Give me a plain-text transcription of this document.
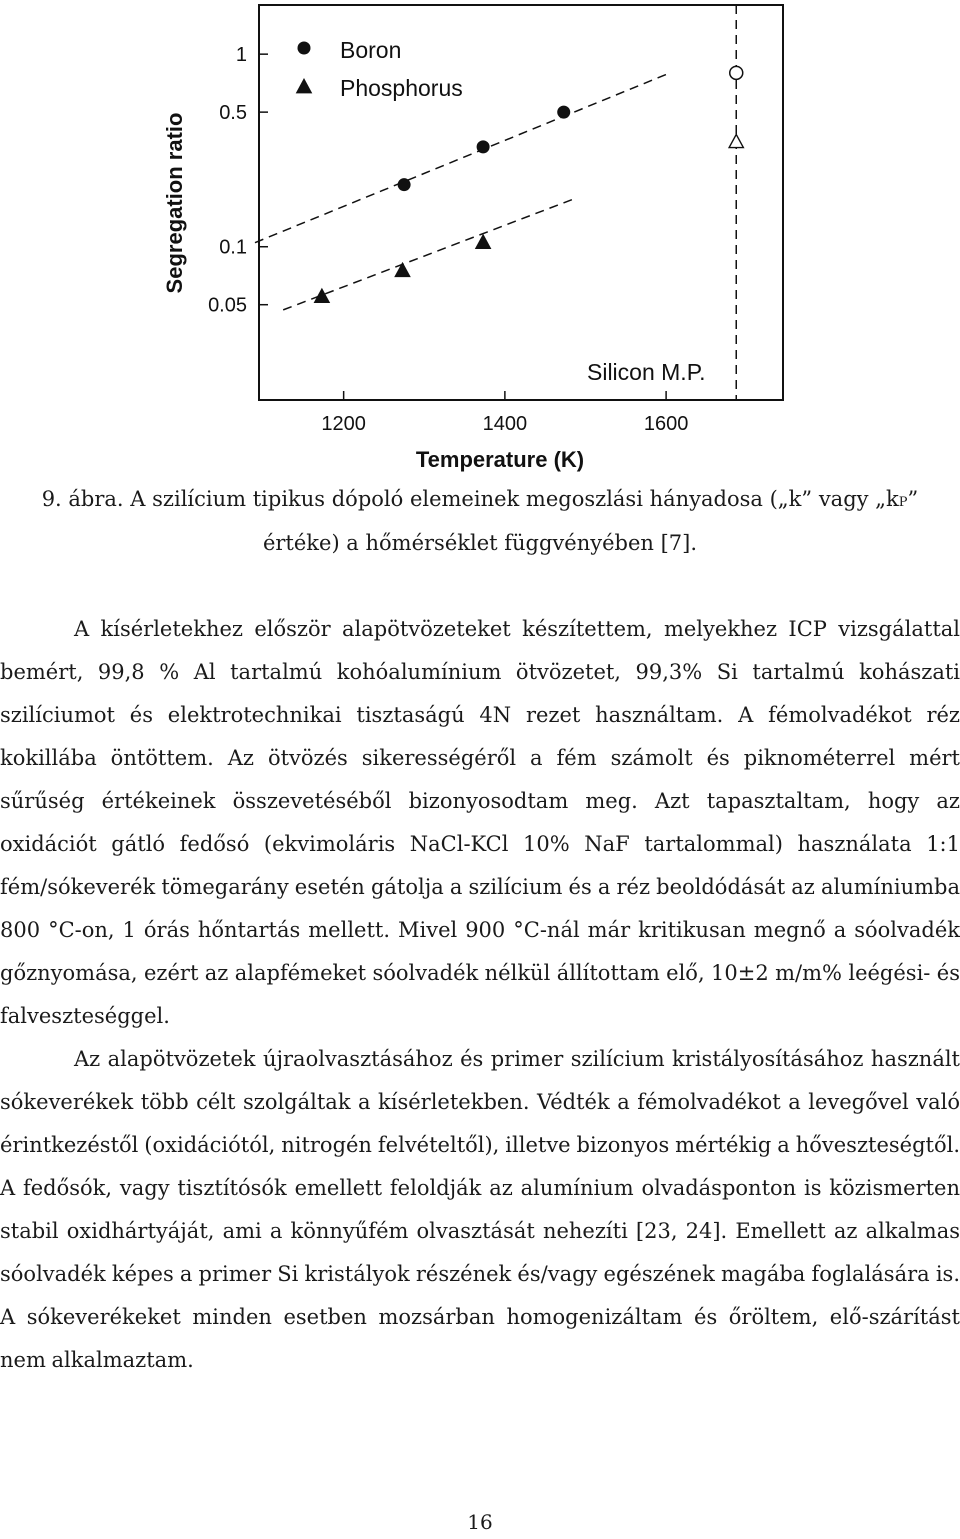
1200	1400	1600
1
0.5
0.1
0.05
Segregation ratio
Temperature (K)
Silicon M.P.
Boron
Phosphorus
9. ábra. A szilícium tipikus dópoló elemeinek megoszlási hányadosa („k” vagy „kP”
értéke) a hőmérséklet függvényében [7].

A kísérletekhez először alapötvözeteket készítettem, melyekhez ICP vizsgálattal bemért, 99,8 % Al tartalmú kohóalumínium ötvözetet, 99,3% Si tartalmú kohászati szilíciumot és elektrotechnikai tisztaságú 4N rezet használtam. A fémolvadékot réz kokillába öntöttem. Az ötvözés sikerességéről a fém számolt és piknométerrel mért sűrűség értékeinek összevetéséből bizonyosodtam meg. Azt tapasztaltam, hogy az oxidációt gátló fedősó (ekvimoláris NaCl-KCl 10% NaF tartalommal) használata 1:1 fém/sókeverék tömegarány esetén gátolja a szilícium és a réz beoldódását az alumíniumba 800 °C-on, 1 órás hőntartás mellett. Mivel 900 °C-nál már kritikusan megnő a sóolvadék gőznyomása, ezért az alapfémeket sóolvadék nélkül állítottam elő, 10±2 m/m% leégési- és falveszteséggel.

Az alapötvözetek újraolvasztásához és primer szilícium kristályosításához használt sókeverékek több célt szolgáltak a kísérletekben. Védték a fémolvadékot a levegővel való érintkezéstől (oxidációtól, nitrogén felvételtől), illetve bizonyos mértékig a hőveszteségtől. A fedősók, vagy tisztítósók emellett feloldják az alumínium olvadásponton is közismerten stabil oxidhártyáját, ami a könnyűfém olvasztását nehezíti [23, 24]. Emellett az alkalmas sóolvadék képes a primer Si kristályok részének és/vagy egészének magába foglalására is. A sókeverékeket minden esetben mozsárban homogenizáltam és őröltem, elő-szárítást nem alkalmaztam.

16
